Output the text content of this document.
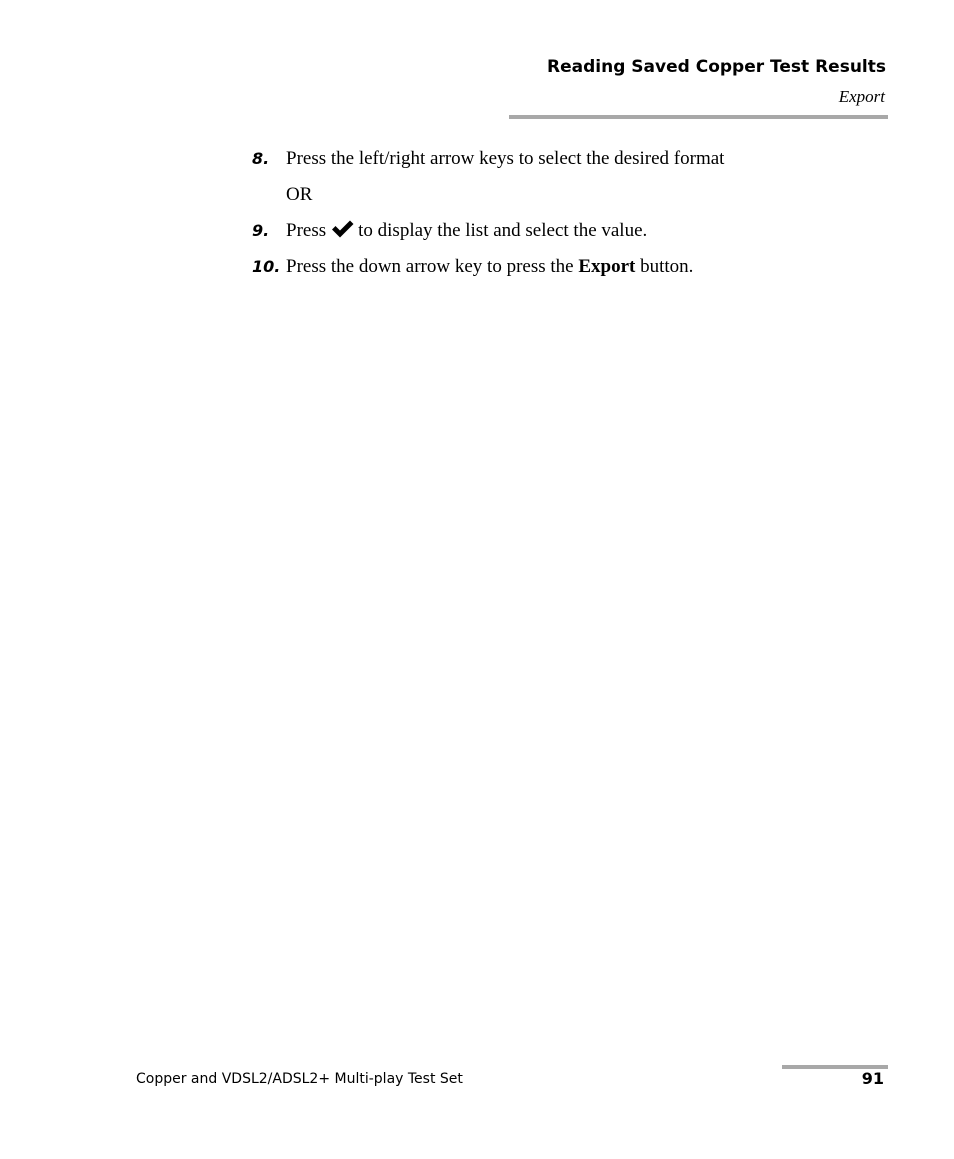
Reading Saved Copper Test Results
Export
8. Press the left/right arrow keys to select the desired format
OR
9. Press to display the list and select the value.
10. Press the down arrow key to press the Export button.
Copper and VDSL2/ADSL2+ Multi-play Test Set	91
